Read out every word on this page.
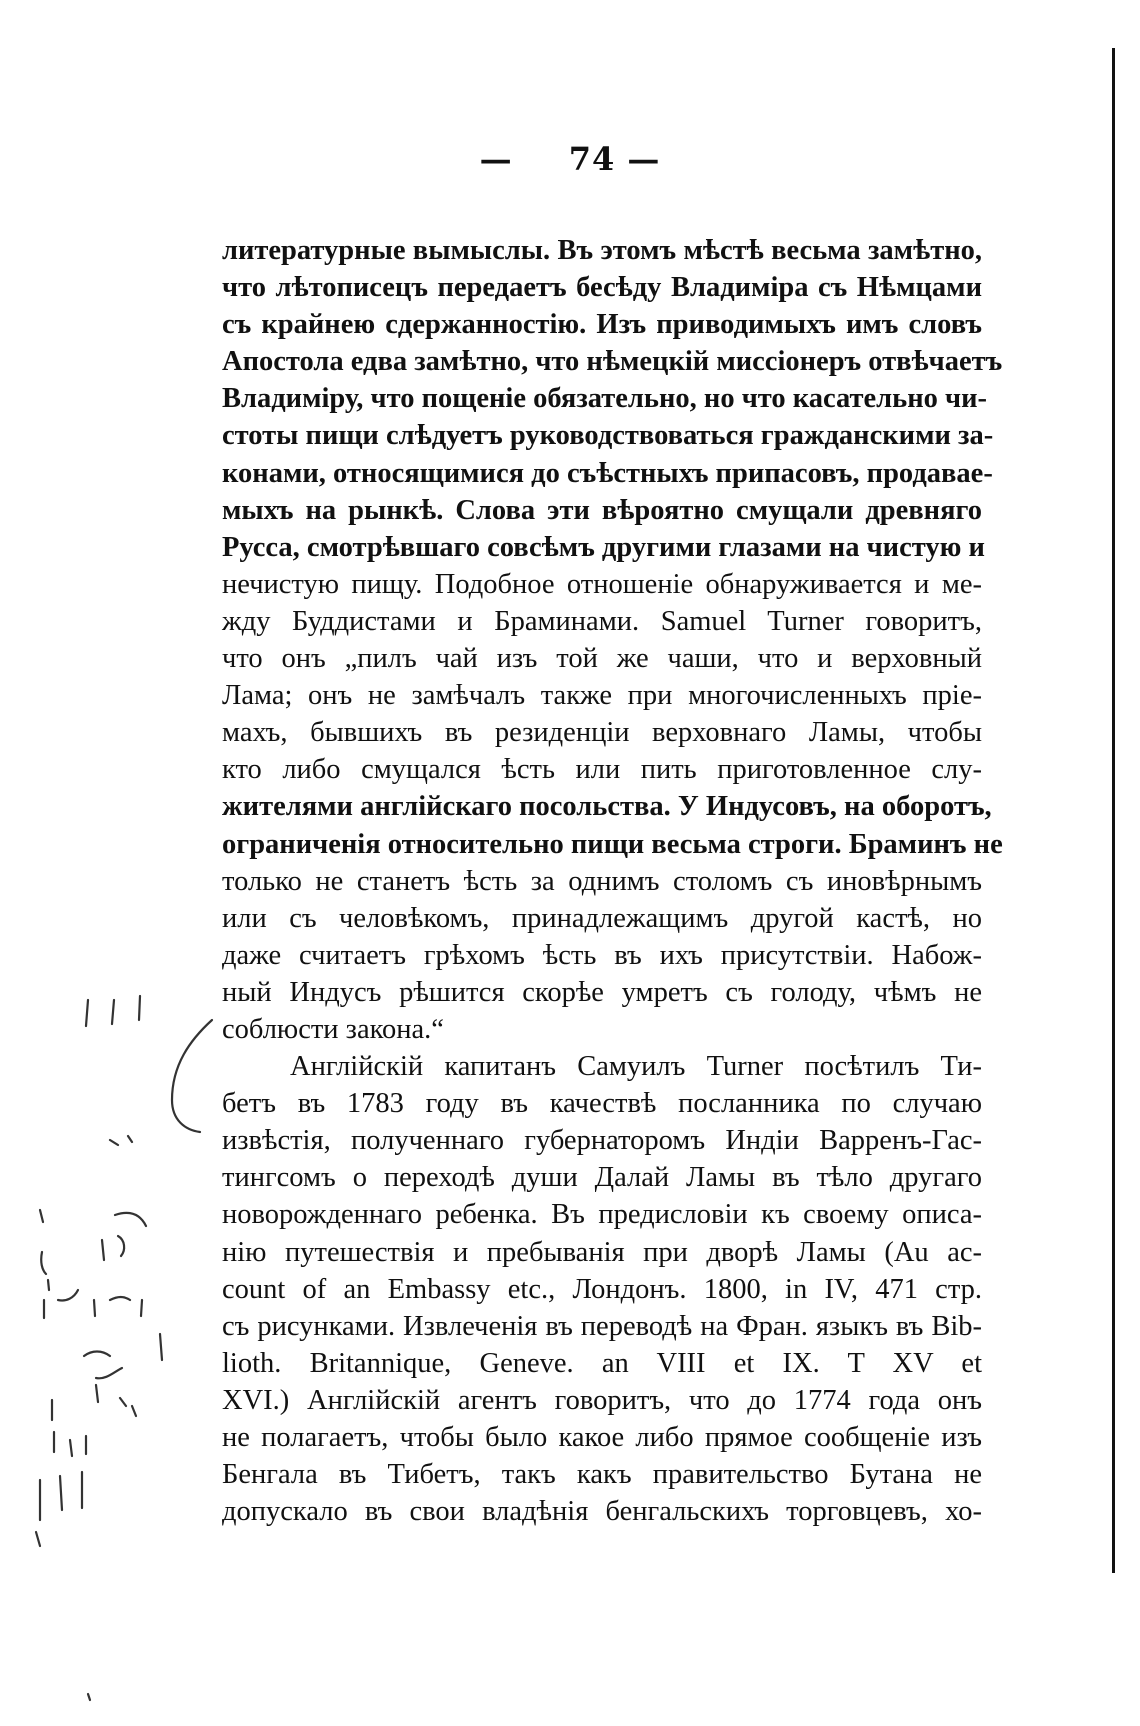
— 74 —
литературные вымыслы. Въ этомъ мѣстѣ весьма замѣтно,
что лѣтописецъ передаетъ бесѣду Владиміра съ Нѣмцами
съ крайнею сдержанностію. Изъ приводимыхъ имъ словъ
Апостола едва замѣтно, что нѣмецкій миссіонеръ отвѣчаетъ
Владиміру, что пощеніе обязательно, но что касательно чи-
стоты пищи слѣдуетъ руководствоваться гражданскими за-
конами, относящимися до съѣстныхъ припасовъ, продавае-
мыхъ на рынкѣ. Слова эти вѣроятно смущали древняго
Русса, смотрѣвшаго совсѣмъ другими глазами на чистую и
нечистую пищу. Подобное отношеніе обнаруживается и ме-
жду Буддистами и Браминами. Samuel Turner говоритъ,
что онъ „пилъ чай изъ той же чаши, что и верховный
Лама; онъ не замѣчалъ также при многочисленныхъ пріе-
махъ, бывшихъ въ резиденціи верховнаго Ламы, чтобы
кто либо смущался ѣсть или пить приготовленное слу-
жителями англійскаго посольства. У Индусовъ, на оборотъ,
ограниченія относительно пищи весьма строги. Браминъ не
только не станетъ ѣсть за однимъ столомъ съ иновѣрнымъ
или съ человѣкомъ, принадлежащимъ другой кастѣ, но
даже считаетъ грѣхомъ ѣсть въ ихъ присутствіи. Набож-
ный Индусъ рѣшится скорѣе умретъ съ голоду, чѣмъ не
соблюсти закона.“
Англійскій капитанъ Самуилъ Turner посѣтилъ Ти-
бетъ въ 1783 году въ качествѣ посланника по случаю
извѣстія, полученнаго губернаторомъ Индіи Варренъ-Гас-
тингсомъ о переходѣ души Далай Ламы въ тѣло другаго
новорожденнаго ребенка. Въ предисловіи къ своему описа-
нію путешествія и пребыванія при дворѣ Ламы (Au ac-
count of an Embassy etc., Лондонъ. 1800, in IV, 471 стр.
съ рисунками. Извлеченія въ переводѣ на Фран. языкъ въ Bib-
lioth. Britannique, Geneve. an VIII et IX. T XV et
XVI.) Англійскій агентъ говоритъ, что до 1774 года онъ
не полагаетъ, чтобы было какое либо прямое сообщеніе изъ
Бенгала въ Тибетъ, такъ какъ правительство Бутана не
допускало въ свои владѣнія бенгальскихъ торговцевъ, хо-
